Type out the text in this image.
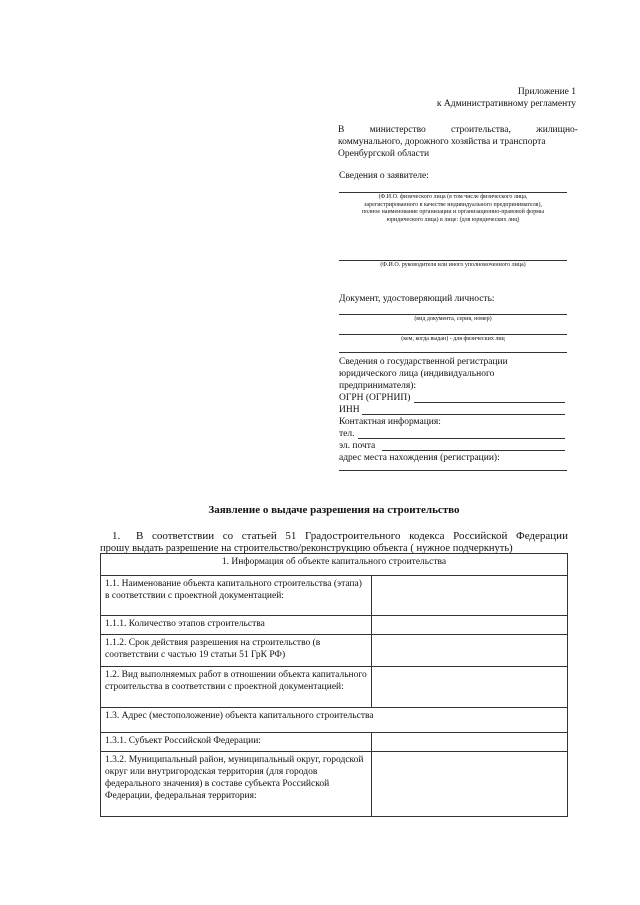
Приложение 1
к Административному регламенту
В	министерство	строительства,	жилищно-
коммунального, дорожного хозяйства и транспорта
Оренбургской области
Сведения о заявителе:
(Ф.И.О. физического лица (в том числе физического лица, зарегистрированного в качестве индивидуального предпринимателя), полное наименование организации и организационно-правовой формы юридического лица) в лице: (для юридических лиц)
(Ф.И.О. руководителя или иного уполномоченного лица)
Документ, удостоверяющий личность:
(вид документа, серия, номер)
(кем, когда выдан) - для физических лиц
Сведения о государственной регистрации
юридического лица (индивидуального
предпринимателя):
ОГРН (ОГРНИП)
ИНН
Контактная информация:
тел.
эл. почта
адрес места нахождения (регистрации):
Заявление о выдаче разрешения на строительство
1. В соответствии со статьей 51 Градостроительного кодекса Российской Федерации
прошу выдать разрешение на строительство/реконструкцию объекта ( нужное подчеркнуть)
1. Информация об объекте капитального строительства	
1.1. Наименование объекта капитального строительства (этапа) в соответствии с проектной документацией:	
1.1.1. Количество этапов строительства	
1.1.2. Срок действия разрешения на строительство (в соответствии с частью 19 статьи 51 ГрК РФ)	
1.2. Вид выполняемых работ в отношении объекта капитального строительства в соответствии с проектной документацией:	
1.3. Адрес (местоположение) объекта капитального строительства	
1.3.1. Субъект Российской Федерации:	
1.3.2. Муниципальный район, муниципальный округ, городской округ или внутригородская территория (для городов федерального значения) в составе субъекта Российской Федерации, федеральная территория:	
